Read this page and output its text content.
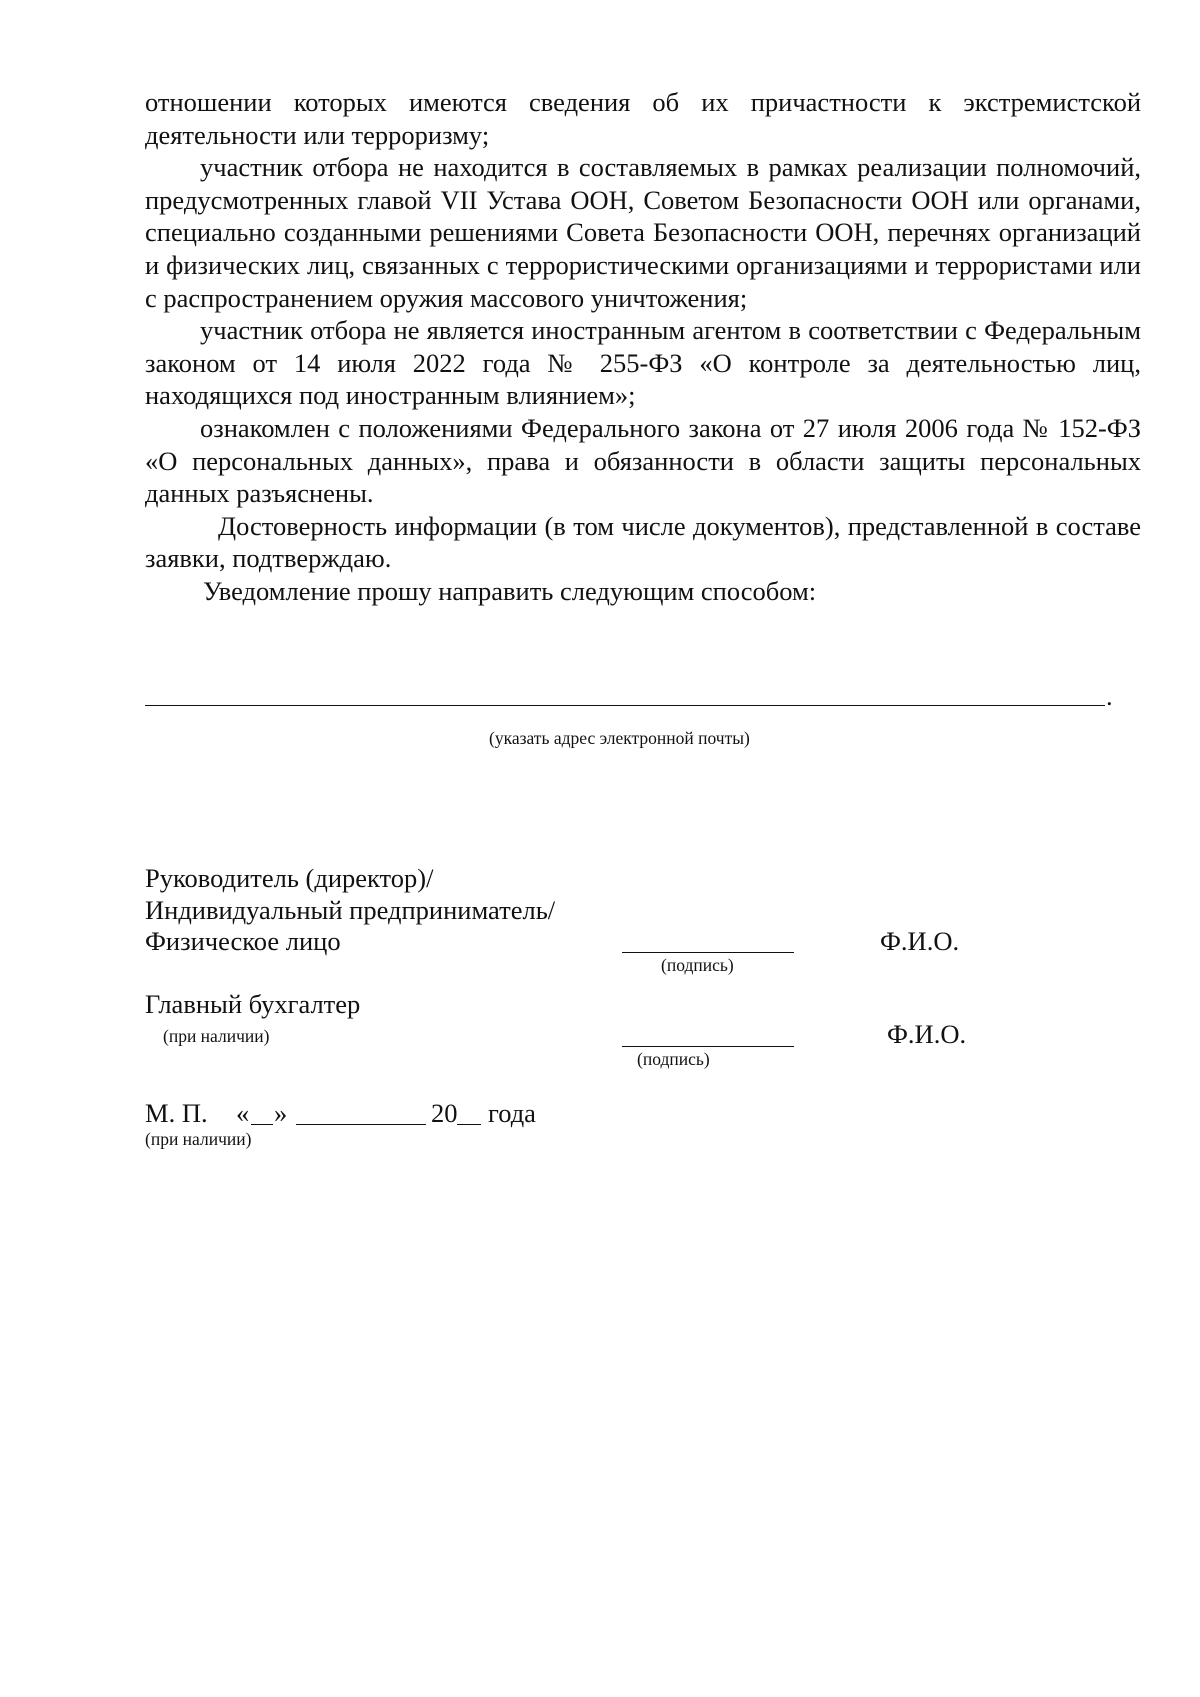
отношении которых имеются сведения об их причастности к экстремистской деятельности или терроризму;

участник отбора не находится в составляемых в рамках реализации полномочий, предусмотренных главой VII Устава ООН, Советом Безопасности ООН или органами, специально созданными решениями Совета Безопасности ООН, перечнях организаций и физических лиц, связанных с террористическими организациями и террористами или с распространением оружия массового уничтожения;

участник отбора не является иностранным агентом в соответствии с Федеральным законом от 14 июля 2022 года № 255-ФЗ «О контроле за деятельностью лиц, находящихся под иностранным влиянием»;

ознакомлен с положениями Федерального закона от 27 июля 2006 года № 152-ФЗ «О персональных данных», права и обязанности в области защиты персональных данных разъяснены.

Достоверность информации (в том числе документов), представленной в составе заявки, подтверждаю.

Уведомление прошу направить следующим способом:

.
(указать адрес электронной почты)
Руководитель (директор)/
Индивидуальный предприниматель/
Физическое лицо
(подпись)
Ф.И.О.
Главный бухгалтер
(при наличии)
(подпись)
Ф.И.О.
М. П. « »	20 года
(при наличии)
